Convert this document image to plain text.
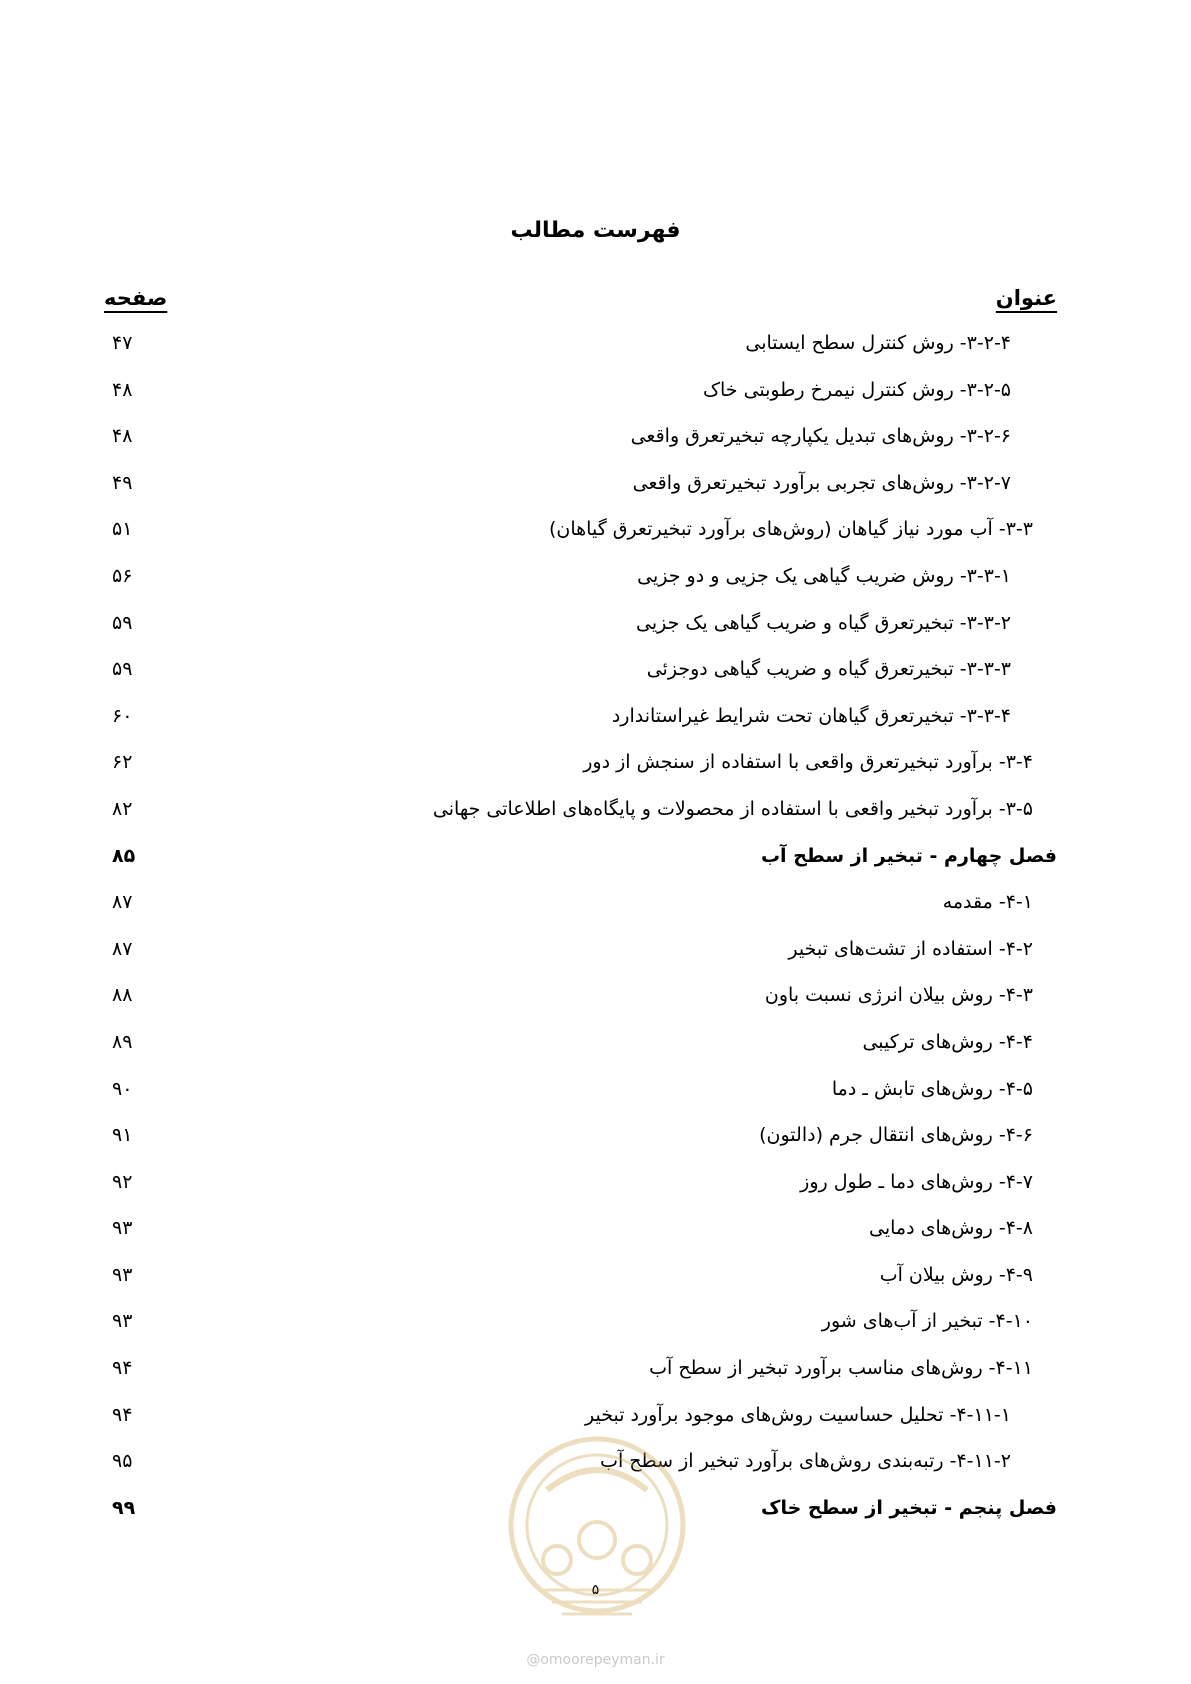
فهرست مطالب
عنوان
صفحه
۳-۲-۴- روش کنترل سطح ایستابی
۴۷
۳-۲-۵- روش کنترل نیمرخ رطوبتی خاک
۴۸
۳-۲-۶- روش‌های تبدیل یکپارچه تبخیرتعرق واقعی
۴۸
۳-۲-۷- روش‌های تجربی برآورد تبخیرتعرق واقعی
۴۹
۳-۳- آب مورد نیاز گیاهان (روش‌های برآورد تبخیرتعرق گیاهان)
۵۱
۳-۳-۱- روش ضریب گیاهی یک جزیی و دو جزیی
۵۶
۳-۳-۲- تبخیرتعرق گیاه و ضریب گیاهی یک جزیی
۵۹
۳-۳-۳- تبخیرتعرق گیاه و ضریب گیاهی دوجزئی
۵۹
۳-۳-۴- تبخیرتعرق گیاهان تحت شرایط غیراستاندارد
۶۰
۳-۴- برآورد تبخیرتعرق واقعی با استفاده از سنجش از دور
۶۲
۳-۵- برآورد تبخیر واقعی با استفاده از محصولات و پایگاه‌های اطلاعاتی جهانی
۸۲
فصل چهارم - تبخیر از سطح آب
۸۵
۴-۱- مقدمه
۸۷
۴-۲- استفاده از تشت‌های تبخیر
۸۷
۴-۳- روش بیلان انرژی نسبت باون
۸۸
۴-۴- روش‌های ترکیبی
۸۹
۴-۵- روش‌های تابش ـ دما
۹۰
۴-۶- روش‌های انتقال جرم (دالتون)
۹۱
۴-۷- روش‌های دما ـ طول روز
۹۲
۴-۸- روش‌های دمایی
۹۳
۴-۹- روش بیلان آب
۹۳
۴-۱۰- تبخیر از آب‌های شور
۹۳
۴-۱۱- روش‌های مناسب برآورد تبخیر از سطح آب
۹۴
۴-۱۱-۱- تحلیل حساسیت روش‌های موجود برآورد تبخیر
۹۴
۴-۱۱-۲- رتبه‌بندی روش‌های برآورد تبخیر از سطح آب
۹۵
فصل پنجم - تبخیر از سطح خاک
۹۹
۵
@omoorepeyman.ir
